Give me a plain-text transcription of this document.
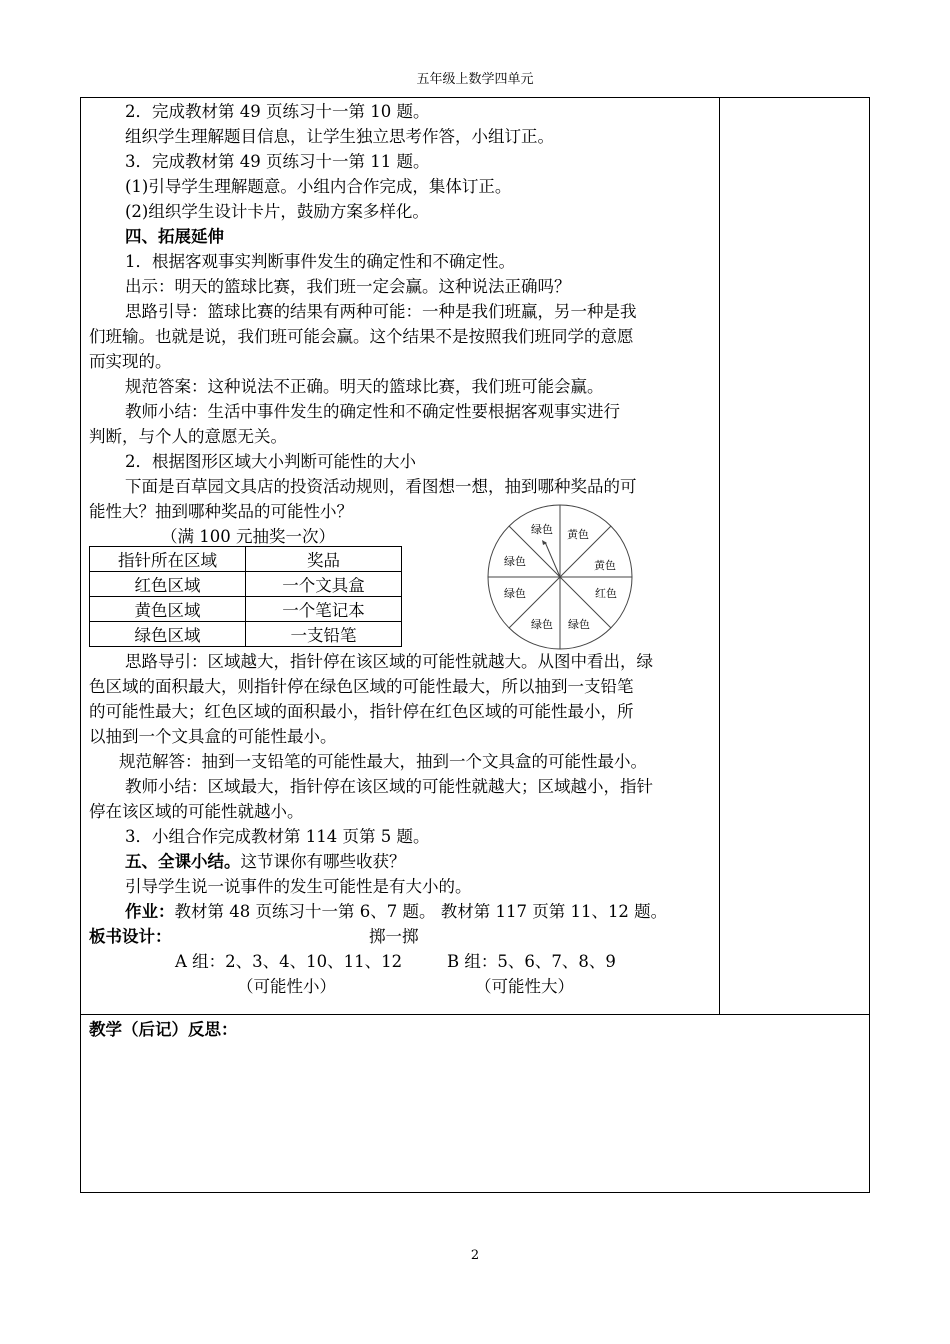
五年级上数学四单元
2．完成教材第 49 页练习十一第 10 题。
组织学生理解题目信息，让学生独立思考作答，小组订正。
3．完成教材第 49 页练习十一第 11 题。
(1)引导学生理解题意。小组内合作完成，集体订正。
(2)组织学生设计卡片，鼓励方案多样化。
四、拓展延伸
1．根据客观事实判断事件发生的确定性和不确定性。
出示：明天的篮球比赛，我们班一定会赢。这种说法正确吗？
思路引导：篮球比赛的结果有两种可能：一种是我们班赢，另一种是我
们班输。也就是说，我们班可能会赢。这个结果不是按照我们班同学的意愿
而实现的。
规范答案：这种说法不正确。明天的篮球比赛，我们班可能会赢。
教师小结：生活中事件发生的确定性和不确定性要根据客观事实进行
判断，与个人的意愿无关。
2．根据图形区域大小判断可能性的大小
下面是百草园文具店的投资活动规则，看图想一想，抽到哪种奖品的可
能性大？抽到哪种奖品的可能性小？
（满 100 元抽奖一次）
指针所在区域	奖品
红色区域	一个文具盒
黄色区域	一个笔记本
绿色区域	一支铅笔
黄色
黄色
红色
绿色
绿色
绿色
绿色
绿色
思路导引：区域越大，指针停在该区域的可能性就越大。从图中看出，绿
色区域的面积最大，则指针停在绿色区域的可能性最大，所以抽到一支铅笔
的可能性最大；红色区域的面积最小，指针停在红色区域的可能性最小，所
以抽到一个文具盒的可能性最小。
规范解答：抽到一支铅笔的可能性最大，抽到一个文具盒的可能性最小。
教师小结：区域最大，指针停在该区域的可能性就越大；区域越小，指针
停在该区域的可能性就越小。
3．小组合作完成教材第 114 页第 5 题。
五、全课小结。这节课你有哪些收获？
引导学生说一说事件的发生可能性是有大小的。
作业：教材第 48 页练习十一第 6、7 题。 教材第 117 页第 11、12 题。
板书设计：	掷一掷
A 组：2、3、4、10、11、12	B 组：5、6、7、8、9
（可能性小）	（可能性大）
教学（后记）反思：
2
